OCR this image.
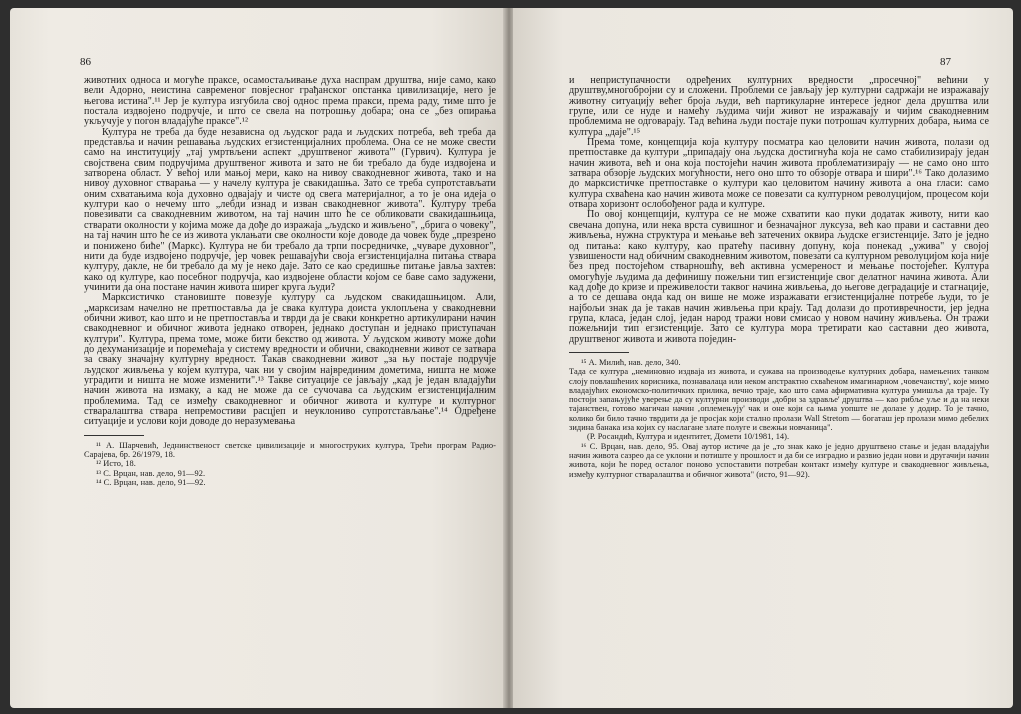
86

животних односа и могуће праксе, осамостаљивање духа наспрам друштва, није само, како вели Адорно, неистина савременог повјесног грађанског опстанка цивилизације, него је његова истина".¹¹ Јер је култура изгубила свој однос према пракси, према раду, тиме што је постала издвојено подручје, и што се свела на потрошњу добара; она се „без опирања укључује у погон владајуће праксе".¹²

Култура не треба да буде независна од људског рада и људских потреба, већ треба да представља и начин решавања људских егзистенцијалних проблема. Она се не може свести само на институцију „тај умртвљени аспект ‚друштвеног живота'" (Гурвич). Култура је својствена свим подручјима друштвеног живота и зато не би требало да буде издвојена и затворена област. У већој или мањој мери, како на нивоу свакодневног живота, тако и на нивоу духовног стварања — у начелу култура је свакидашња. Зато се треба супротстављати оним схватањима која духовно одвајају и чисте од свега материјалног, а то је она идеја о култури као о нечему што „лебди изнад и изван свакодневног живота". Културу треба повезивати са свакодневним животом, на тај начин што ће се обликовати свакидашњица, стварати околности у којима може да дође до изражаја „људско и живљено", „брига о човеку", на тај начин што ће се из живота уклањати све околности које доводе да човек буде „презрено и понижено биће" (Маркс). Култура не би требало да трпи посредничке, „чуваре духовног", нити да буде издвојено подручје, јер човек решавајући своја егзистенцијална питања ствара културу, дакле, не би требало да му је неко даје. Зато се као средишње питање јавља захтев: како од културе, као посебног подручја, као издвојене области којом се баве само задужени, учинити да она постане начин живота ширег круга људи?

Марксистичко становиште повезује културу са људском свакидашњицом. Али, „марксизам начелно не претпоставља да је свака култура доиста уклопљена у свакодневни обични живот, као што и не претпоставља и тврди да је сваки конкретно артикулирани начин свакодневног и обичног живота једнако отворен, једнако доступан и једнако приступачан култури". Култура, према томе, може бити бекство од живота. У људском животу може доћи до дехуманизације и поремећаја у систему вредности и обични, свакодневни живот се затвара за сваку значајну културну вредност. Такав свакодневни живот „за њу постаје подручје људског живљења у којем култура, чак ни у своjим најврединим дометима, ништа не може уградити и ништа не може изменити".¹³ Такве ситуације се јављају „кад је један владајући начин живота на измаку, а кад не може да се сучочава са људским егзистенцијалним проблемима. Тад се између свакодневног и обичног живота и културе и културног стваралаштва ствара непремостиви расцјеп и неуклониво супротстављање".¹⁴ Одређене ситуације и услови који доводе до неразумевања

¹¹ А. Шарчевић, Једнинственост светске цивилизације и многоструких култура, Трећи програм Радио-Сарајева, бр. 26/1979, 18.

¹² Исто, 18.

¹³ С. Врцан, нав. дело, 91—92.

¹⁴ С. Врцан, нав. дело, 91—92.

87

и неприступачности одређених културних вредности „просечној" већини у друштву,многобројни су и сложени. Проблеми се јављају јер културни садржаји не изражавају животну ситуацију већег броја људи, већ партикуларне интересе једног дела друштва или групе, или се нуде и намећу људима чији живот не изражавају и чијим свакодневним проблемима не одговарају. Тад већина људи постаје пуки потрошач културних добара, њима се култура „даје".¹⁵

Према томе, концепција која културу посматра као целовити начин живота, полази од претпоставке да култури „припадају она људска достигнућа која не само стабилизирају један начин живота, већ и она која постојећи начин живота проблематизирају — не само оно што затвара обзорје људских могућности, него оно што то обзорје отвара и шири".¹⁶ Тако долазимо до марксистичке претпоставке о култури као целовитом начину живота а она гласи: само култура схваћена као начин живота може се повезати са културном револуцијом, процесом који отвара хоризонт ослобођеног рада и културе.

По овој концепцији, култура се не може схватити као пуки додатак животу, нити као свечана допуна, или нека врста сувишног и безначајног луксуза, већ као прави и саставни део живљења, нужна структура и мењање већ затечених оквира људске егзистенције. Зато је једно од питања: како културу, као пратећу пасивну допуну, која понекад „ужива" у својој узвишености над обичним свакодневним животом, повезати са културном револуцијом која није без пред постојећом стварношћу, већ активна усмереност и мењање постојећег. Култура омогућује људима да дефинишу пожељни тип егзистенције свог делатног начина живота. Али кад дође до кризе и преживелости таквог начина живљења, до његове деградације и стагнације, а то се дешава онда кад он више не може изражавати егзистенцијалне потребе људи, то је најбољи знак да је такав начин живљења при крају. Тад долази до противречности, јер једна група, класа, један слој, један народ тражи нови смисао у новом начину живљења. Он тражи пожељнији тип егзистенције. Зато се култура мора третирати као саставни део живота, друштвеног живота и живота поједин-

¹⁵ А. Милић, нав. дело, 340.

Тада се култура „неминовно издваја из живота, и сужава на производење културних добара, намењених танком слоју повлашћених корисника, познавалаца или неком апстрактно схваћеном имагинарном ‚човечанству', које мимо владајућих економско-политичких прилика, вечно траје, као што сама афирмативна култура умишља да траје. Ту постоји запањујуће уверење да су културни производи ‚добри за здравље' друштва — као рибље уље и да на неки тајанствен, готово магичан начин ‚оплемењују' чак и оне који са њима уопште не долазе у додир. То је тачно, колико би било тачно тврдити да је просјак који стално пролази Wall Stretom — богаташ јер пролази мимо дебелих зидина банака иза којих су наслагане злате полуге и свежњи новчаница".

(Р. Росандић, Култура и идентитет, Домети 10/1981, 14).

¹⁶ С. Врцан, нав. дело, 95. Овај аутор истиче да је „то знак како је једно друштвено стање и један владајући начин живота сазрео да се уклони и потиште у прошлост и да би се изградио и развио један нови и другачији начин живота, који ће поред осталог поново успоставити потребан контакт између културе и свакодневног живљења, између културног стваралаштва и обичног живота" (исто, 91—92).
